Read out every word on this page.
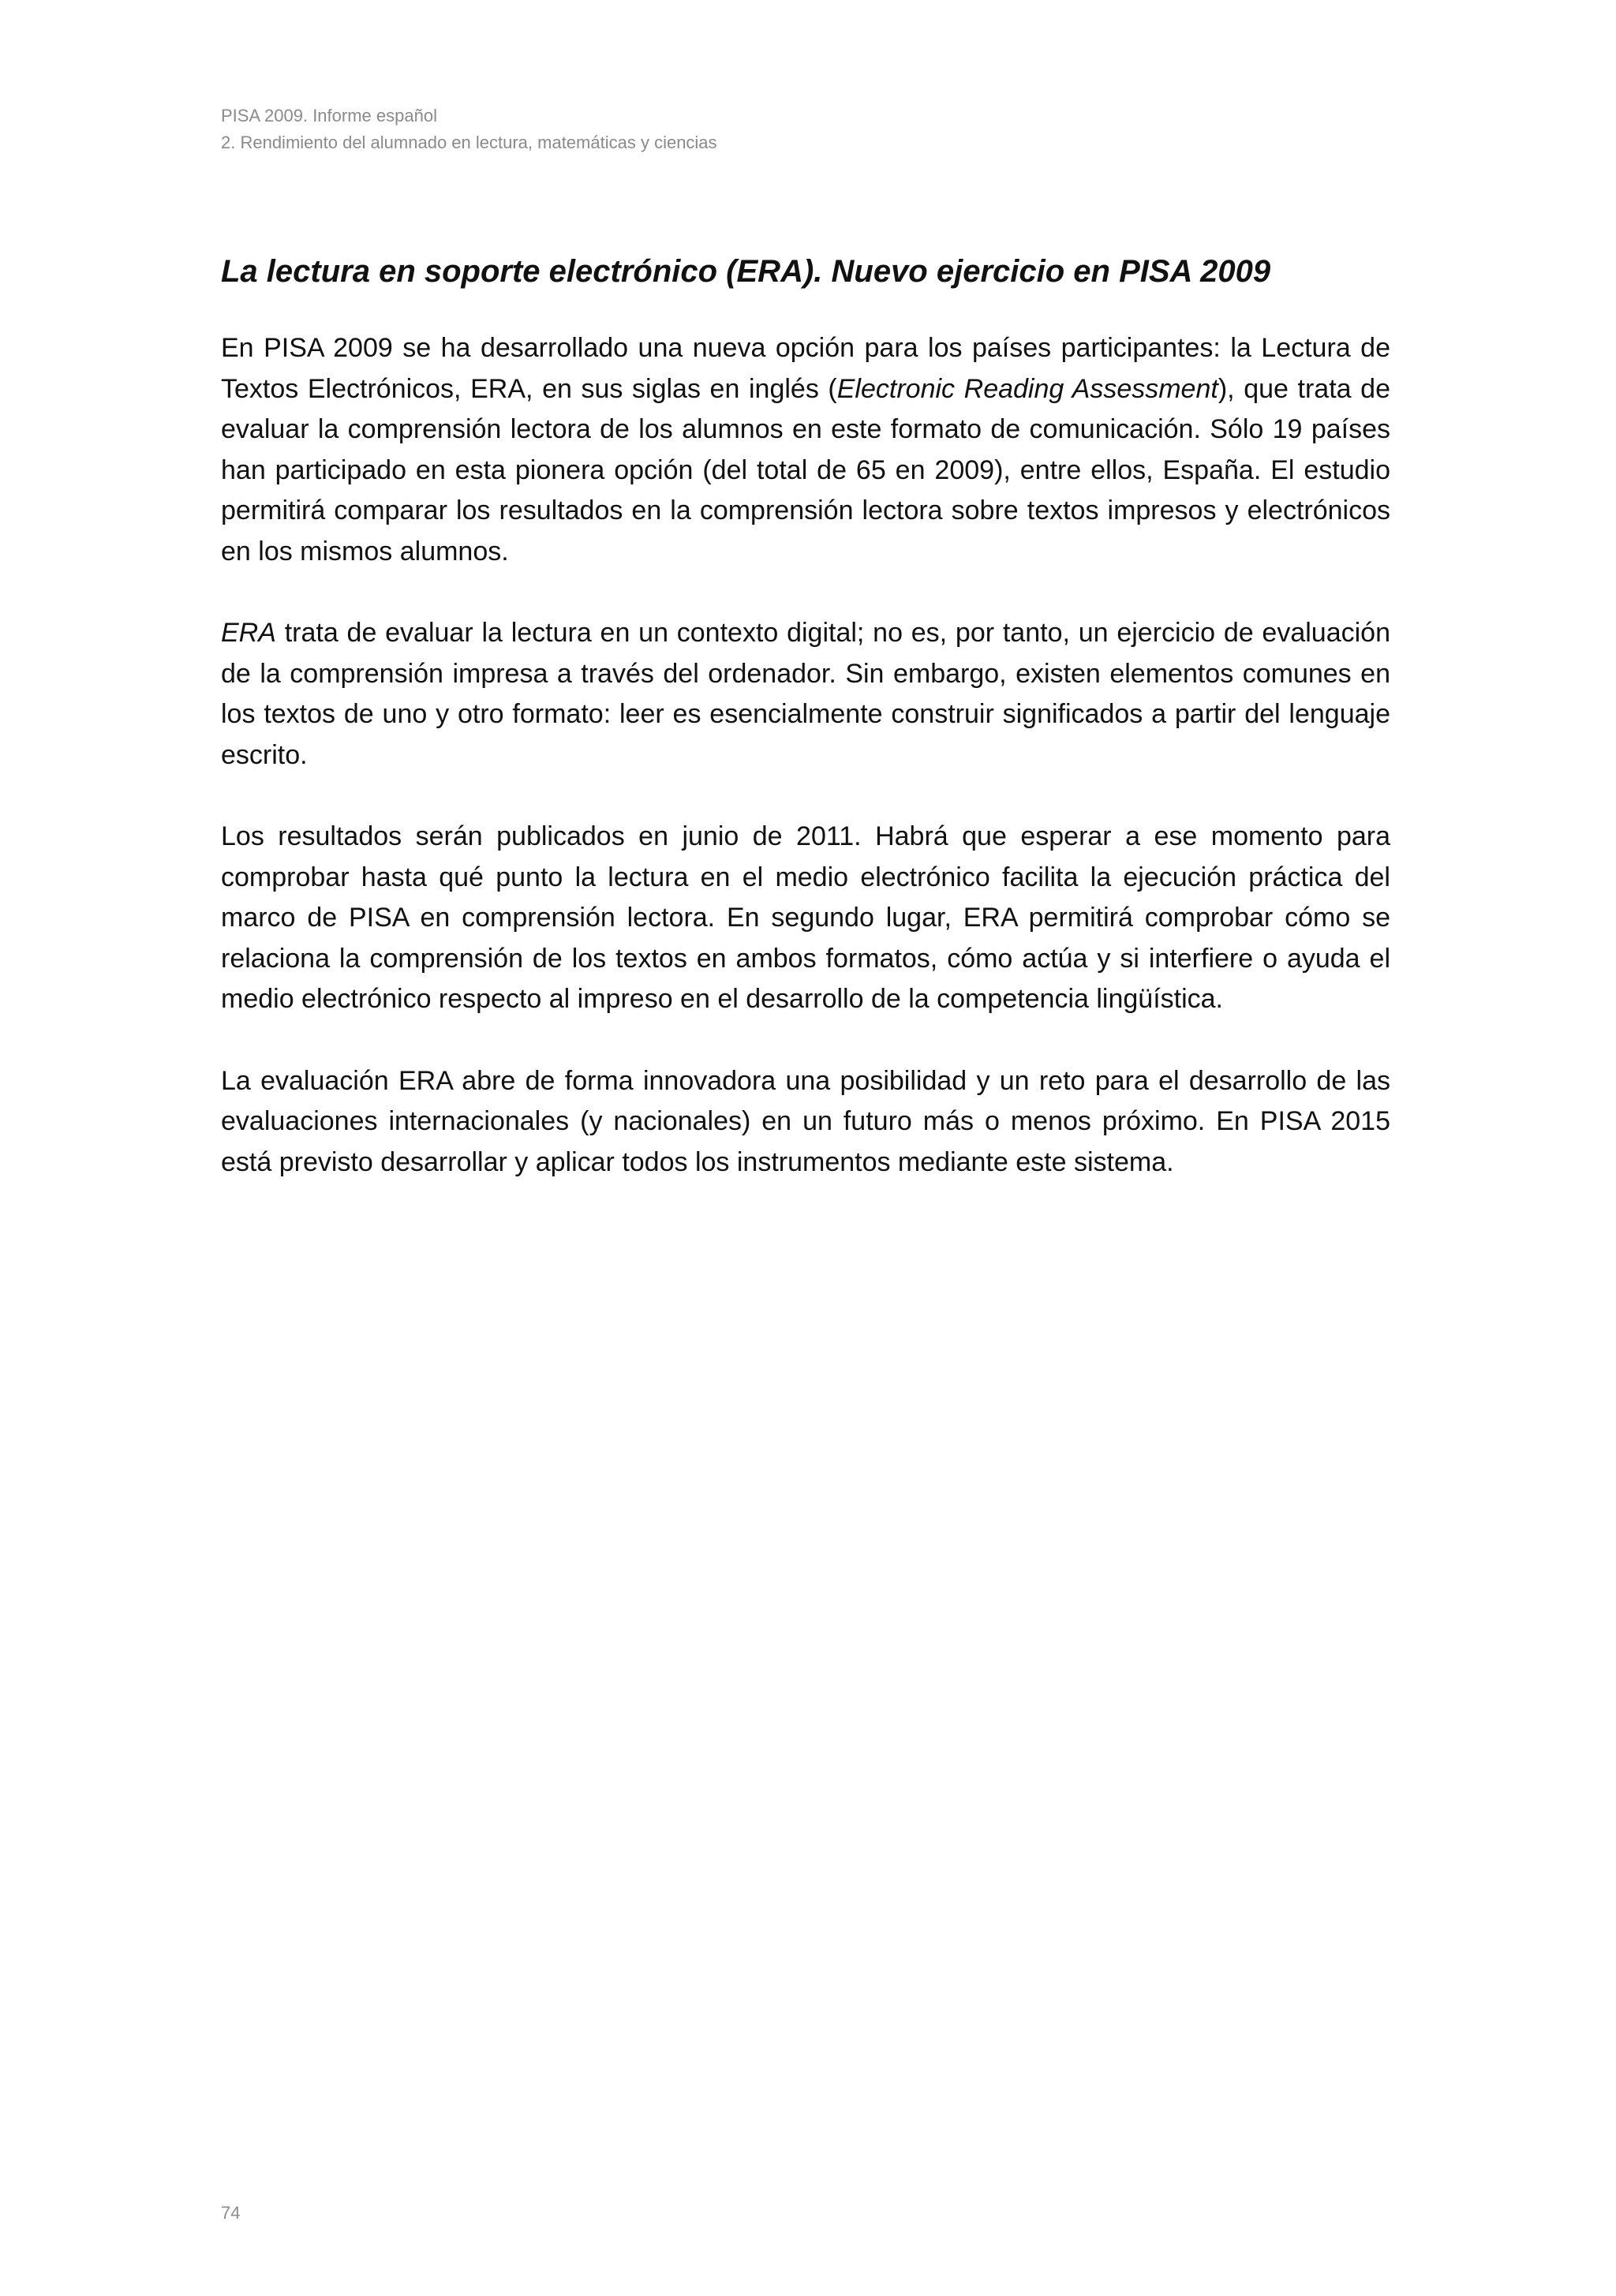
PISA 2009. Informe español
2. Rendimiento del alumnado en lectura, matemáticas y ciencias
La lectura en soporte electrónico (ERA). Nuevo ejercicio en PISA 2009

En PISA 2009 se ha desarrollado una nueva opción para los países participantes: la Lectura de Textos Electrónicos, ERA, en sus siglas en inglés (Electronic Reading Assessment), que trata de evaluar la comprensión lectora de los alumnos en este formato de comunicación. Sólo 19 países han participado en esta pionera opción (del total de 65 en 2009), entre ellos, España. El estudio permitirá comparar los resultados en la comprensión lectora sobre textos impresos y electrónicos en los mismos alumnos.

ERA trata de evaluar la lectura en un contexto digital; no es, por tanto, un ejercicio de evaluación de la comprensión impresa a través del ordenador. Sin embargo, existen elementos comunes en los textos de uno y otro formato: leer es esencialmente construir significados a partir del lenguaje escrito.

Los resultados serán publicados en junio de 2011. Habrá que esperar a ese momento para comprobar hasta qué punto la lectura en el medio electrónico facilita la ejecución práctica del marco de PISA en comprensión lectora. En segundo lugar, ERA permitirá comprobar cómo se relaciona la comprensión de los textos en ambos formatos, cómo actúa y si interfiere o ayuda el medio electrónico respecto al impreso en el desarrollo de la competencia lingüística.

La evaluación ERA abre de forma innovadora una posibilidad y un reto para el desarrollo de las evaluaciones internacionales (y nacionales) en un futuro más o menos próximo. En PISA 2015 está previsto desarrollar y aplicar todos los instrumentos mediante este sistema.

74
